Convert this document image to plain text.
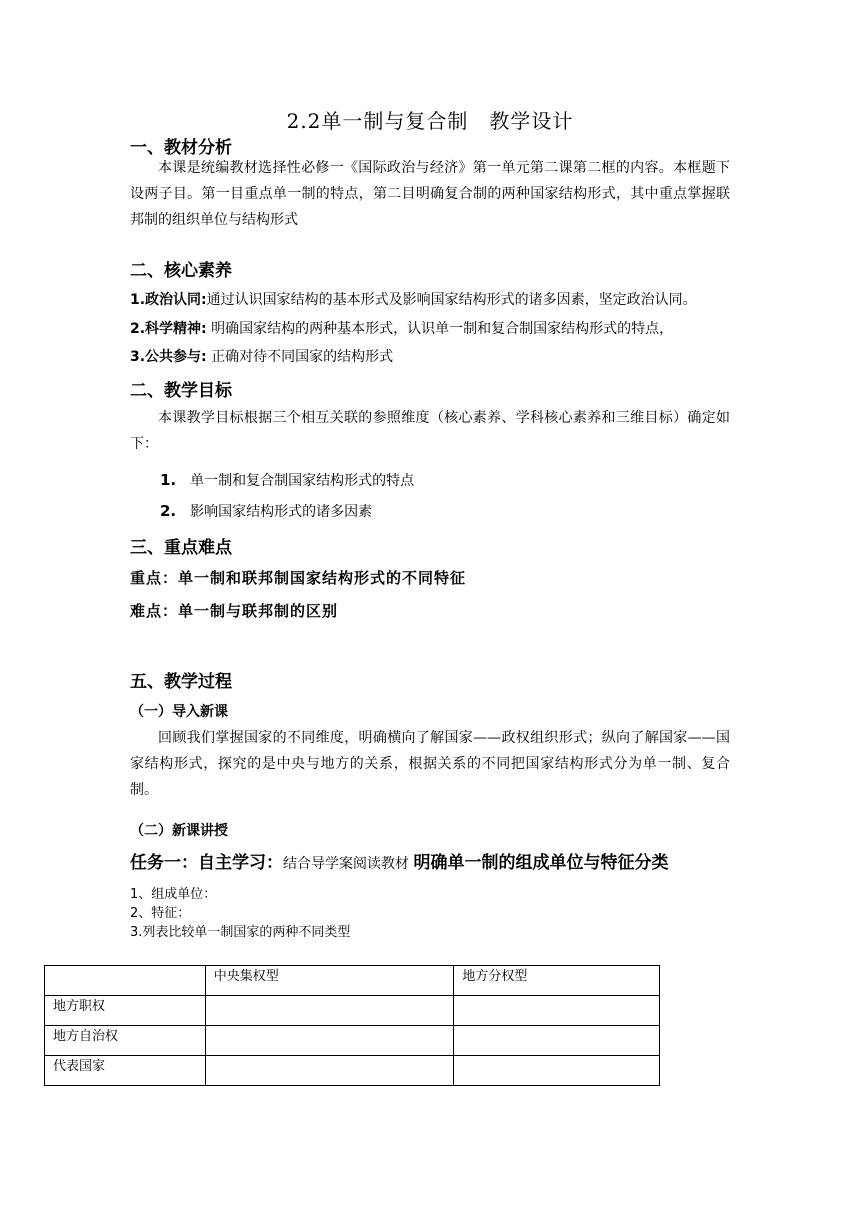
2.2单一制与复合制　教学设计
一、教材分析
本课是统编教材选择性必修一《国际政治与经济》第一单元第二课第二框的内容。本框题下设两子目。第一目重点单一制的特点，第二目明确复合制的两种国家结构形式，其中重点掌握联邦制的组织单位与结构形式
二、核心素养
1.政治认同:通过认识国家结构的基本形式及影响国家结构形式的诸多因素，坚定政治认同。
2.科学精神: 明确国家结构的两种基本形式，认识单一制和复合制国家结构形式的特点，
3.公共参与: 正确对待不同国家的结构形式
二、教学目标
本课教学目标根据三个相互关联的参照维度（核心素养、学科核心素养和三维目标）确定如下：
1. 单一制和复合制国家结构形式的特点
2. 影响国家结构形式的诸多因素
三、重点难点
重点：单一制和联邦制国家结构形式的不同特征
难点：单一制与联邦制的区别
五、教学过程
（一）导入新课
回顾我们掌握国家的不同维度，明确横向了解国家——政权组织形式；纵向了解国家——国家结构形式，探究的是中央与地方的关系，根据关系的不同把国家结构形式分为单一制、复合制。
（二）新课讲授
任务一：自主学习：结合导学案阅读教材 明确单一制的组成单位与特征分类
1、组成单位：
2、特征：
3.列表比较单一制国家的两种不同类型
	中央集权型	地方分权型
地方职权		
地方自治权		
代表国家		
